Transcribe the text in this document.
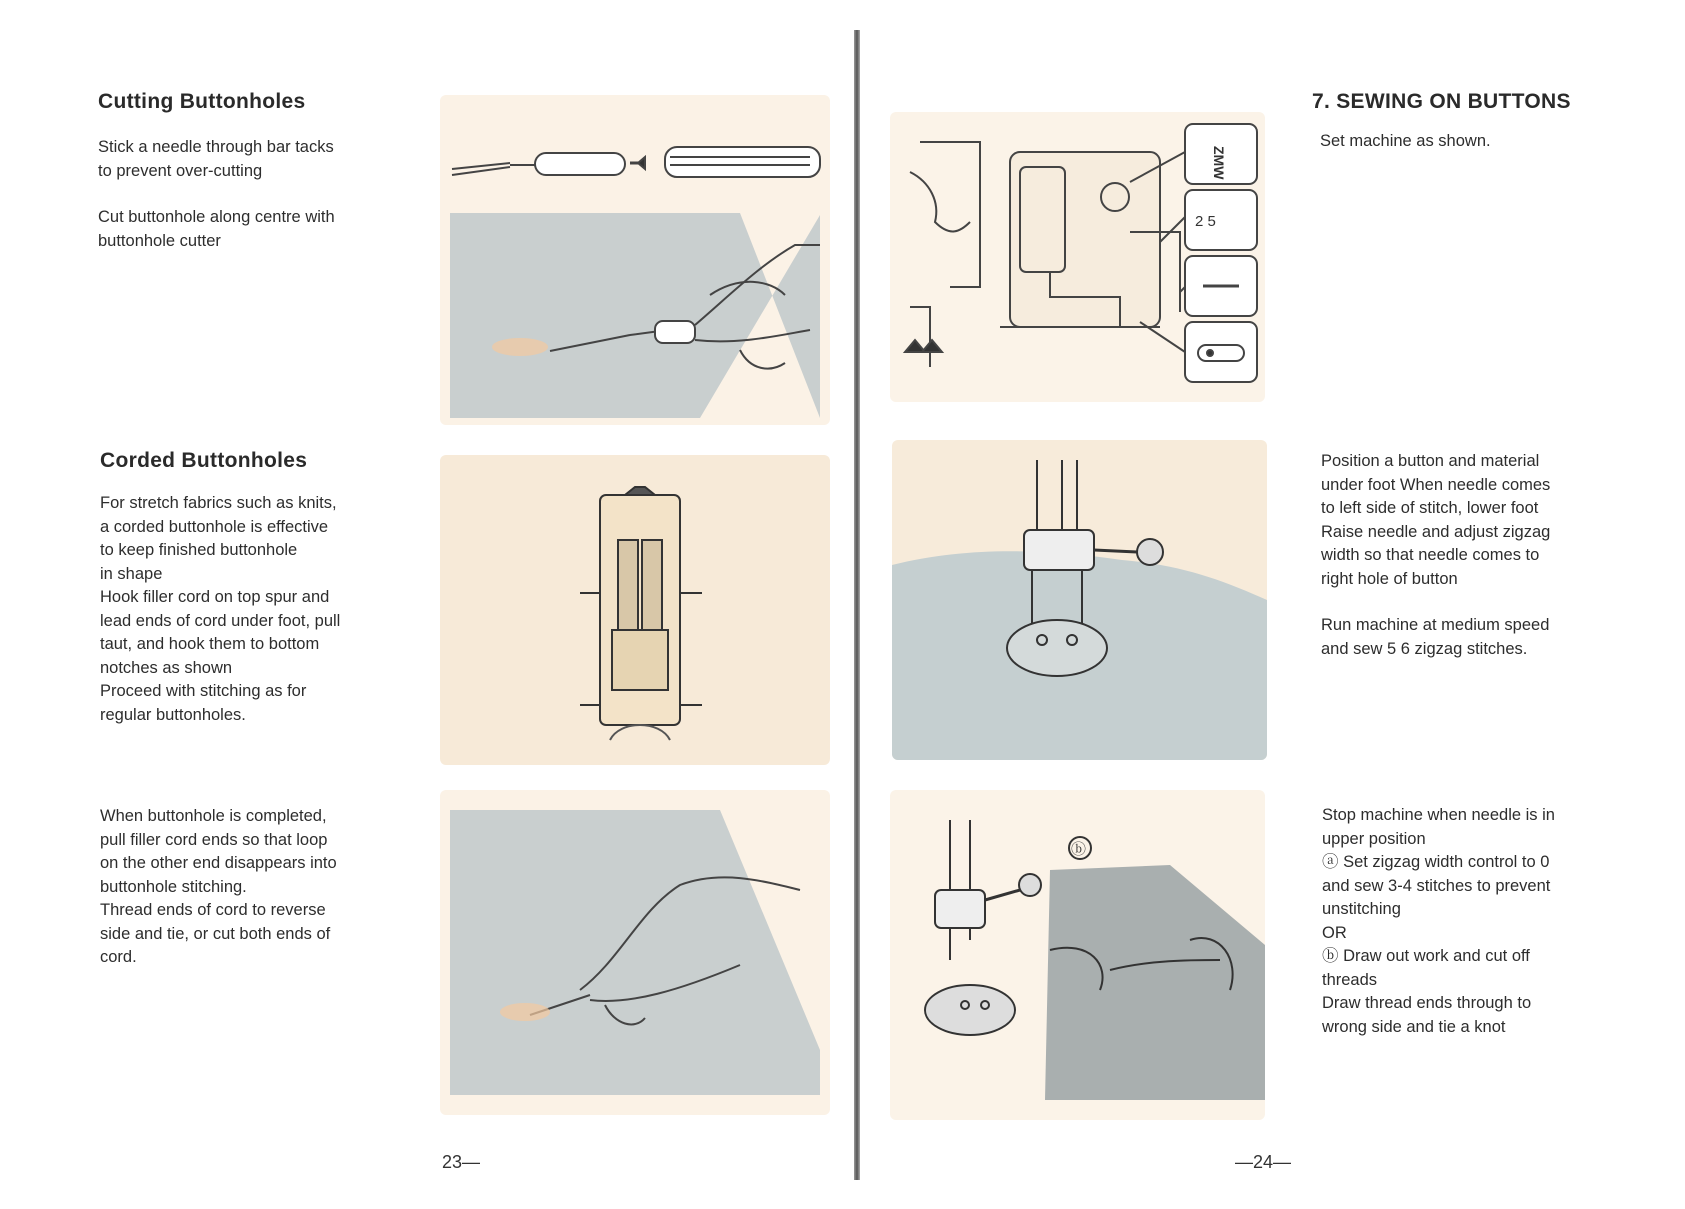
Cutting Buttonholes
Stick a needle through bar tacks
to prevent over-cutting
Cut buttonhole along centre with
buttonhole cutter
Corded Buttonholes
For stretch fabrics such as knits,
a corded buttonhole is effective
to keep finished buttonhole
in shape
Hook filler cord on top spur and
lead ends of cord under foot, pull
taut, and hook them to bottom
notches as shown
Proceed with stitching as for
regular buttonholes.
When buttonhole is completed,
pull filler cord ends so that loop
on the other end disappears into
buttonhole stitching.
Thread ends of cord to reverse
side and tie, or cut both ends of
cord.
23—
ZMW
2 5
ⓑ
7. SEWING ON BUTTONS
Set machine as shown.
Position a button and material
under foot When needle comes
to left side of stitch, lower foot
Raise needle and adjust zigzag
width so that needle comes to
right hole of button
Run machine at medium speed
and sew 5 6 zigzag stitches.
Stop machine when needle is in
upper position
ⓐ Set zigzag width control to 0
and sew 3-4 stitches to prevent
unstitching
OR
ⓑ Draw out work and cut off
threads
Draw thread ends through to
wrong side and tie a knot
—24—
